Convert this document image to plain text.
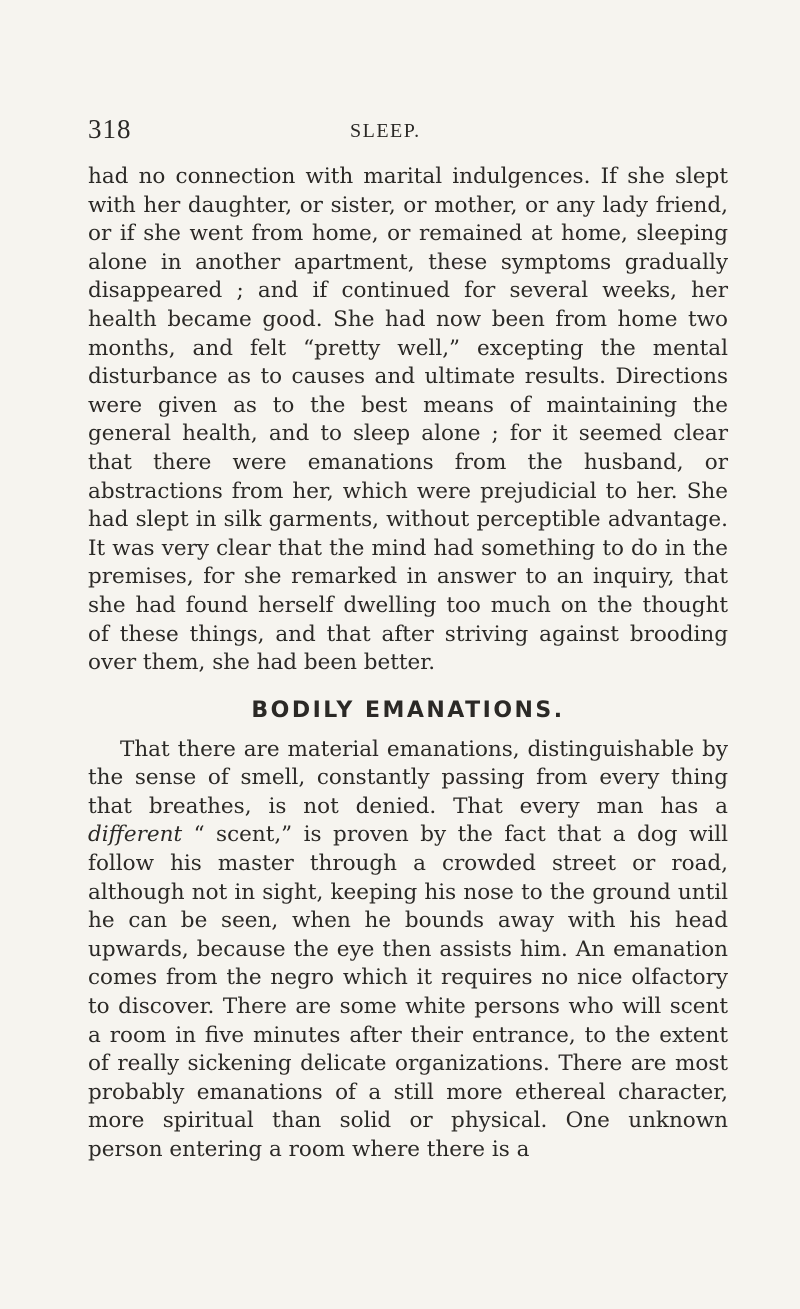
318	SLEEP.

had no connection with marital indulgences. If she slept with her daughter, or sister, or mother, or any lady friend, or if she went from home, or remained at home, sleeping alone in another apartment, these symptoms gradually disappeared ; and if continued for several weeks, her health became good. She had now been from home two months, and felt “pretty well,” excepting the mental disturbance as to causes and ultimate results. Directions were given as to the best means of maintaining the general health, and to sleep alone ; for it seemed clear that there were emanations from the husband, or abstractions from her, which were prejudicial to her. She had slept in silk garments, without perceptible advantage. It was very clear that the mind had something to do in the premises, for she remarked in answer to an inquiry, that she had found herself dwelling too much on the thought of these things, and that after striving against brooding over them, she had been better.

BODILY EMANATIONS.

That there are material emanations, distinguishable by the sense of smell, constantly passing from every thing that breathes, is not denied. That every man has a different “ scent,” is proven by the fact that a dog will follow his master through a crowded street or road, although not in sight, keeping his nose to the ground until he can be seen, when he bounds away with his head upwards, because the eye then assists him. An emanation comes from the negro which it requires no nice olfactory to discover. There are some white persons who will scent a room in five minutes after their entrance, to the extent of really sickening delicate organizations. There are most probably emanations of a still more ethereal character, more spiritual than solid or physical. One unknown person entering a room where there is a
